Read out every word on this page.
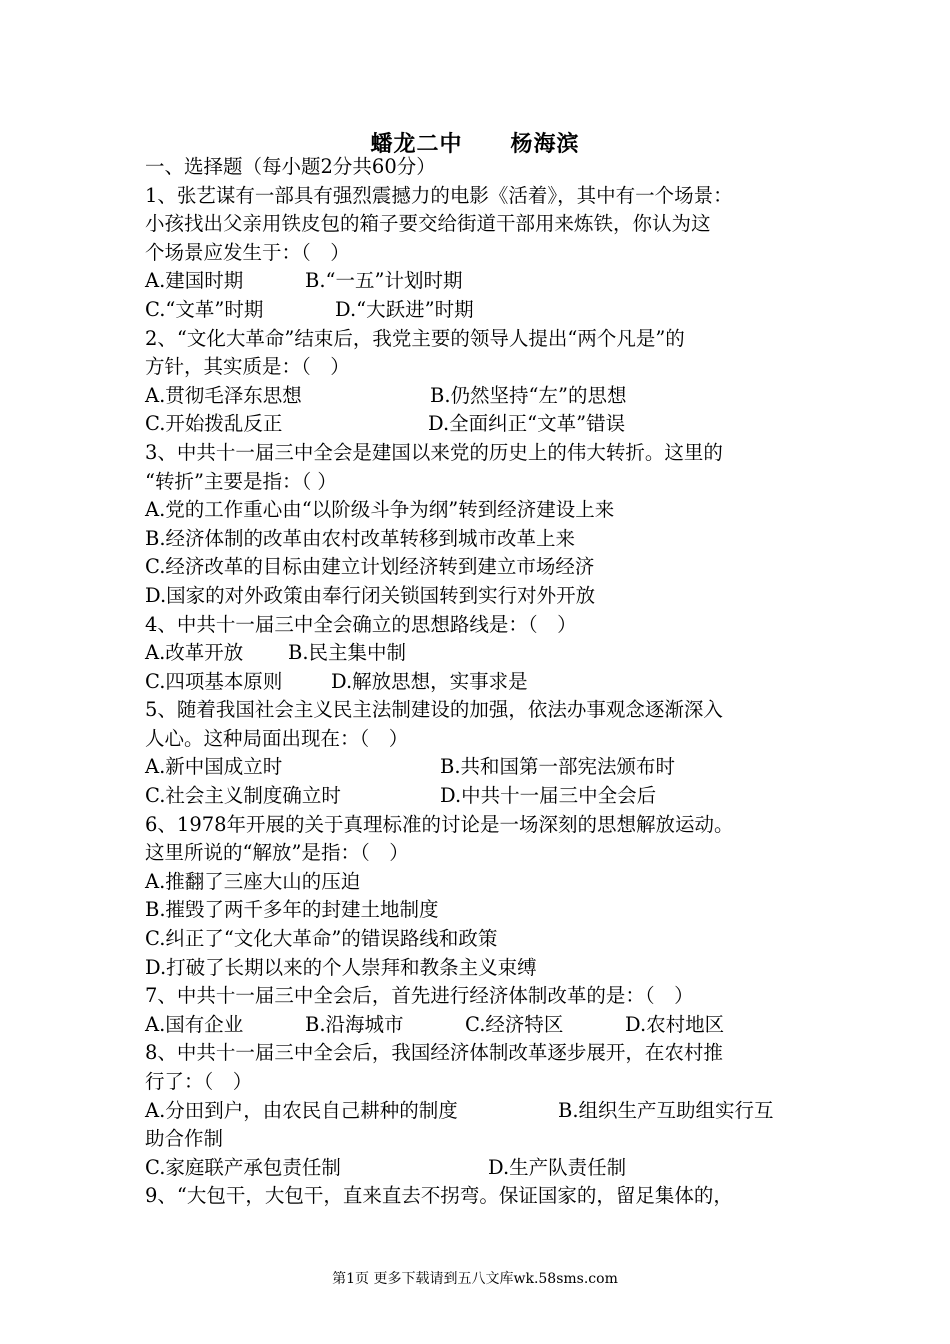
蟠龙二中 杨海滨
一、选择题（每小题2分共60分）
1、张艺谋有一部具有强烈震撼力的电影《活着》，其中有一个场景：
小孩找出父亲用铁皮包的箱子要交给街道干部用来炼铁，你认为这
个场景应发生于：（　）
A.建国时期	B.“一五”计划时期
C.“文革”时期	D.“大跃进”时期
2、“文化大革命”结束后，我党主要的领导人提出“两个凡是”的
方针，其实质是：（　）
A.贯彻毛泽东思想	B.仍然坚持“左”的思想
C.开始拨乱反正	D.全面纠正“文革”错误
3、中共十一届三中全会是建国以来党的历史上的伟大转折。这里的
“转折”主要是指：（ ）
A.党的工作重心由“以阶级斗争为纲”转到经济建设上来
B.经济体制的改革由农村改革转移到城市改革上来
C.经济改革的目标由建立计划经济转到建立市场经济
D.国家的对外政策由奉行闭关锁国转到实行对外开放
4、中共十一届三中全会确立的思想路线是：（　）
A.改革开放 B.民主集中制
C.四项基本原则 D.解放思想，实事求是
5、随着我国社会主义民主法制建设的加强，依法办事观念逐渐深入
人心。这种局面出现在：（　）
A.新中国成立时	B.共和国第一部宪法颁布时
C.社会主义制度确立时	D.中共十一届三中全会后
6、1978年开展的关于真理标准的讨论是一场深刻的思想解放运动。
这里所说的“解放”是指：（　）
A.推翻了三座大山的压迫
B.摧毁了两千多年的封建土地制度
C.纠正了“文化大革命”的错误路线和政策
D.打破了长期以来的个人崇拜和教条主义束缚
7、中共十一届三中全会后，首先进行经济体制改革的是：（　）
A.国有企业	B.沿海城市	C.经济特区	D.农村地区
8、中共十一届三中全会后，我国经济体制改革逐步展开，在农村推
行了：（　）
A.分田到户，由农民自己耕种的制度	B.组织生产互助组实行互
助合作制
C.家庭联产承包责任制	D.生产队责任制
9、“大包干，大包干，直来直去不拐弯。保证国家的，留足集体的，
第1页 更多下载请到五八文库wk.58sms.com
